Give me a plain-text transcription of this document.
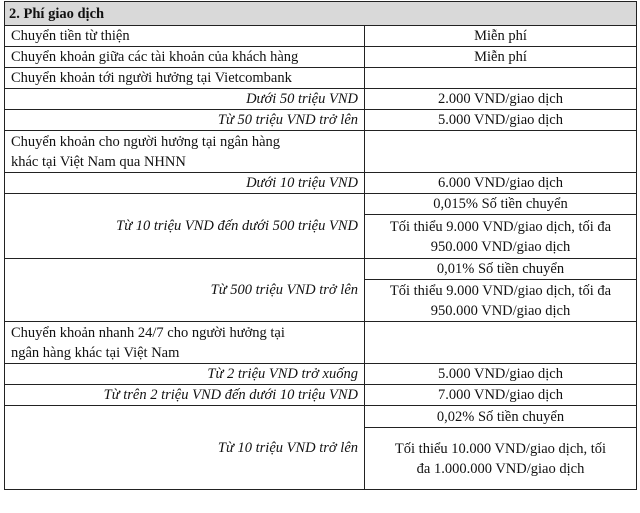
2. Phí giao dịch	
Chuyển tiền từ thiện	Miễn phí
Chuyển khoản giữa các tài khoản của khách hàng	Miễn phí
Chuyển khoản tới người hưởng tại Vietcombank	
Dưới 50 triệu VND	2.000 VND/giao dịch
Từ 50 triệu VND trở lên	5.000 VND/giao dịch

Chuyển khoản cho người hưởng tại ngân hàng
khác tại Việt Nam qua NHNN	

Dưới 10 triệu VND	6.000 VND/giao dịch
Từ 10 triệu VND đến dưới 500 triệu VND	0,015% Số tiền chuyển

	Tối thiểu 9.000 VND/giao dịch, tối đa
950.000 VND/giao dịch

Từ 500 triệu VND trở lên	0,01% Số tiền chuyển

	Tối thiểu 9.000 VND/giao dịch, tối đa
950.000 VND/giao dịch

Chuyển khoản nhanh 24/7 cho người hưởng tại
ngân hàng khác tại Việt Nam	

Từ 2 triệu VND trở xuống	5.000 VND/giao dịch
Từ trên 2 triệu VND đến dưới 10 triệu VND	7.000 VND/giao dịch
Từ 10 triệu VND trở lên	0,02% Số tiền chuyển

	Tối thiểu 10.000 VND/giao dịch, tối
đa 1.000.000 VND/giao dịch
